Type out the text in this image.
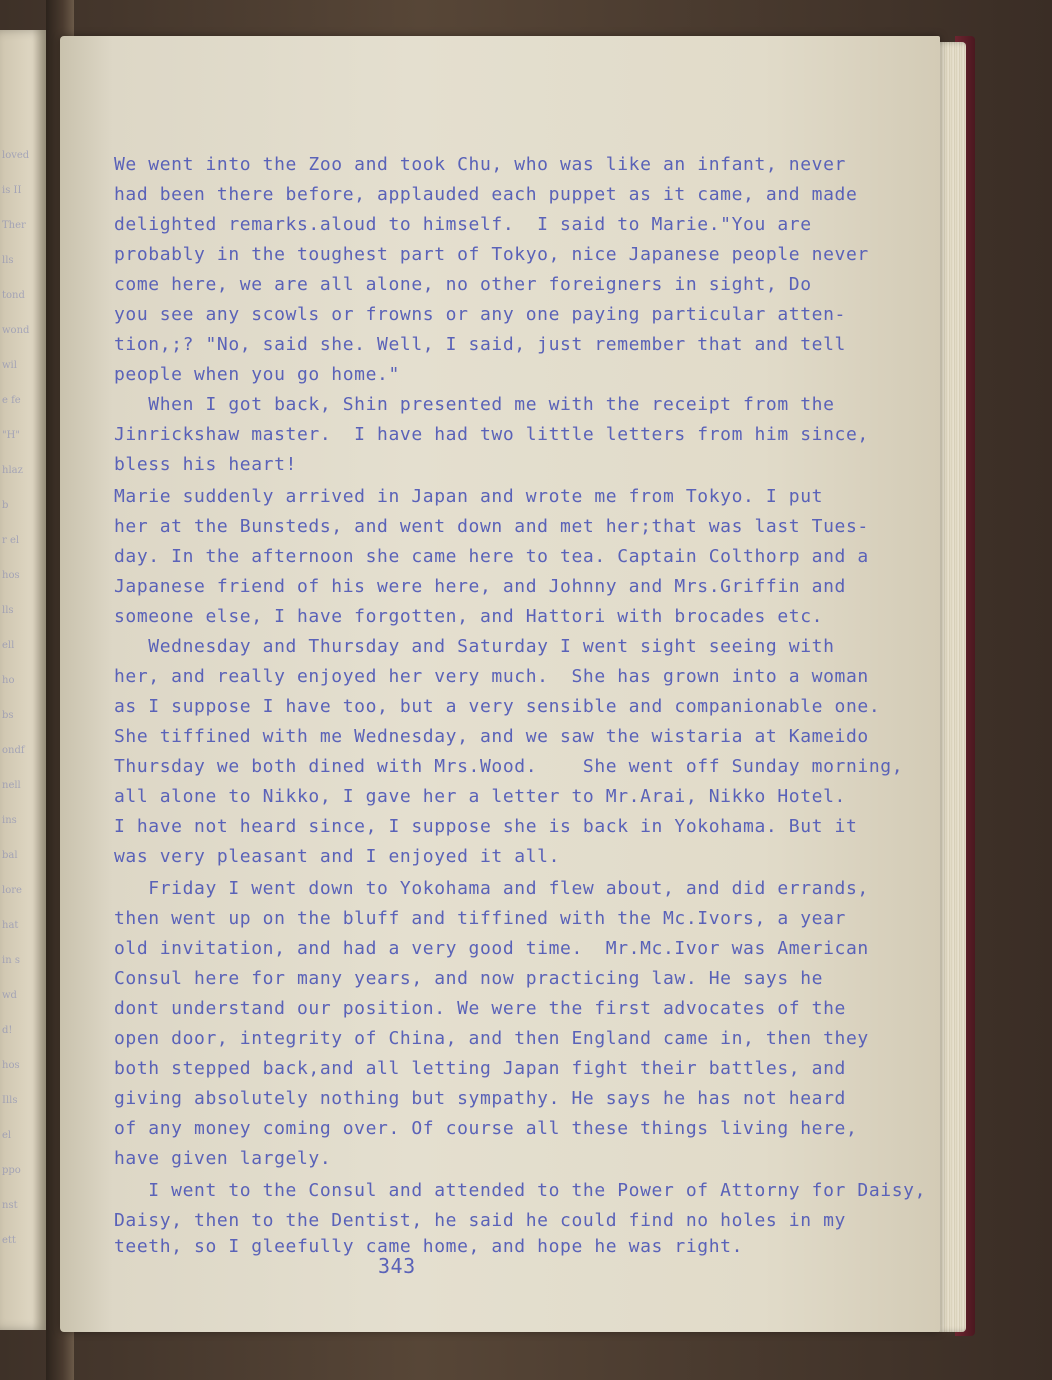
loved
is II
Ther
lls
tond
wond
wil
e fe
"H"
hlaz
b
r el
hos
lls
ell
ho
bs
ondf
nell
ins
bal
lore
hat
in s
wd
d!
hos
Ills
el
ppo
nst
ett
We went into the Zoo and took Chu, who was like an infant, never
had been there before, applauded each puppet as it came, and made
delighted remarks.aloud to himself.  I said to Marie."You are
probably in the toughest part of Tokyo, nice Japanese people never
come here, we are all alone, no other foreigners in sight, Do
you see any scowls or frowns or any one paying particular atten-
tion,;? "No, said she. Well, I said, just remember that and tell
people when you go home."
When I got back, Shin presented me with the receipt from the
Jinrickshaw master.  I have had two little letters from him since,
bless his heart!
Marie suddenly arrived in Japan and wrote me from Tokyo. I put
her at the Bunsteds, and went down and met her;that was last Tues-
day. In the afternoon she came here to tea. Captain Colthorp and a
Japanese friend of his were here, and Johnny and Mrs.Griffin and
someone else, I have forgotten, and Hattori with brocades etc.
Wednesday and Thursday and Saturday I went sight seeing with
her, and really enjoyed her very much.  She has grown into a woman
as I suppose I have too, but a very sensible and companionable one.
She tiffined with me Wednesday, and we saw the wistaria at Kameido
Thursday we both dined with Mrs.Wood.    She went off Sunday morning,
all alone to Nikko, I gave her a letter to Mr.Arai, Nikko Hotel.
I have not heard since, I suppose she is back in Yokohama. But it
was very pleasant and I enjoyed it all.
Friday I went down to Yokohama and flew about, and did errands,
then went up on the bluff and tiffined with the Mc.Ivors, a year
old invitation, and had a very good time.  Mr.Mc.Ivor was American
Consul here for many years, and now practicing law. He says he
dont understand our position. We were the first advocates of the
open door, integrity of China, and then England came in, then they
both stepped back,and all letting Japan fight their battles, and
giving absolutely nothing but sympathy. He says he has not heard
of any money coming over. Of course all these things living here,
have given largely.
I went to the Consul and attended to the Power of Attorny for Daisy,
Daisy, then to the Dentist, he said he could find no holes in my
teeth, so I gleefully came home, and hope he was right.
343
